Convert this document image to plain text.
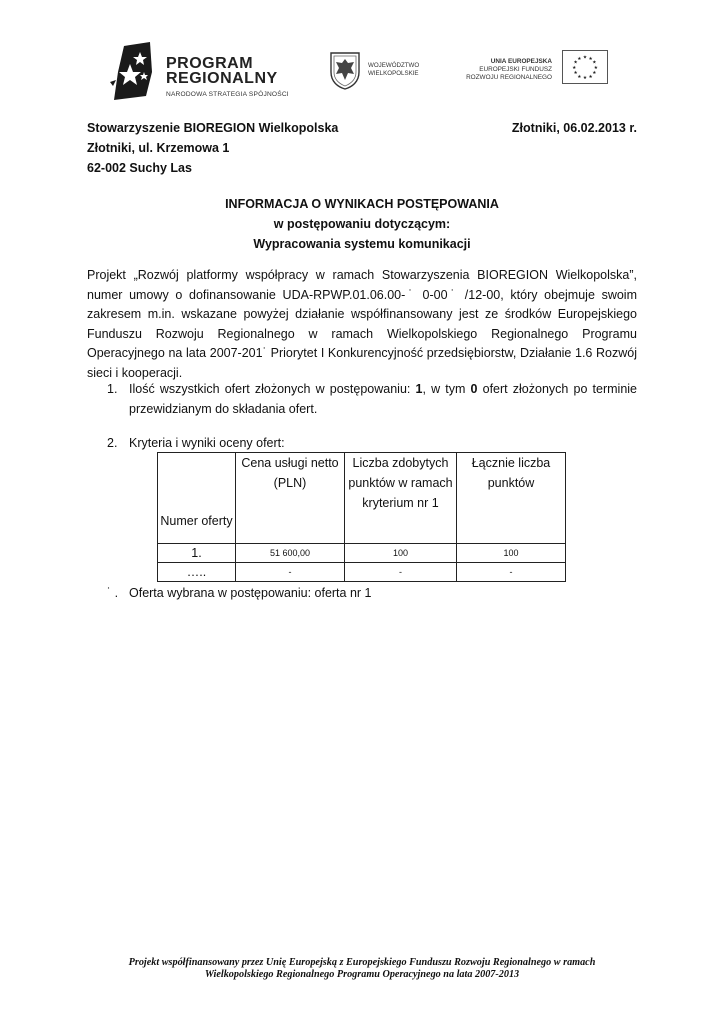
PROGRAM
REGIONALNY
NARODOWA STRATEGIA SPÓJNOŚCI
WOJEWÓDZTWO
WIELKOPOLSKIE
UNIA EUROPEJSKA
EUROPEJSKI FUNDUSZ
ROZWOJU REGIONALNEGO
★ ★
★
★
★
★
★
★
★
★
★
★
Stowarzyszenie BIOREGION Wielkopolska
Złotniki, ul. Krzemowa 1
62-002 Suchy Las
Złotniki, 06.02.2013 r.
INFORMACJA O WYNIKACH POSTĘPOWANIA
w postępowaniu dotyczącym:
Wypracowania systemu komunikacji
Projekt „Rozwój platformy współpracy w ramach Stowarzyszenia BIOREGION Wielkopolska”, numer umowy o dofinansowanie UDA-RPWP.01.06.00-˙ 0-00˙ /12-00, który obejmuje swoim zakresem m.in. wskazane powyżej działanie współfinansowany jest ze środków Europejskiego Funduszu Rozwoju Regionalnego w ramach Wielkopolskiego Regionalnego Programu Operacyjnego na lata 2007-201˙ Priorytet I Konkurencyjność przedsiębiorstw, Działanie 1.6 Rozwój sieci i kooperacji.
1. Ilość wszystkich ofert złożonych w postępowaniu: 1, w tym 0 ofert złożonych po terminie przewidzianym do składania ofert.
2. Kryteria i wyniki oceny ofert:
Numer oferty	Cena usługi netto (PLN)	Liczba zdobytych punktów w ramach kryterium nr 1	Łącznie liczba punktów
1.	51 600,00	100	100
…..	-	-	-
˙ . Oferta wybrana w postępowaniu: oferta nr 1
Projekt współfinansowany przez Unię Europejską z Europejskiego Funduszu Rozwoju Regionalnego w ramach
Wielkopolskiego Regionalnego Programu Operacyjnego na lata 2007-2013
